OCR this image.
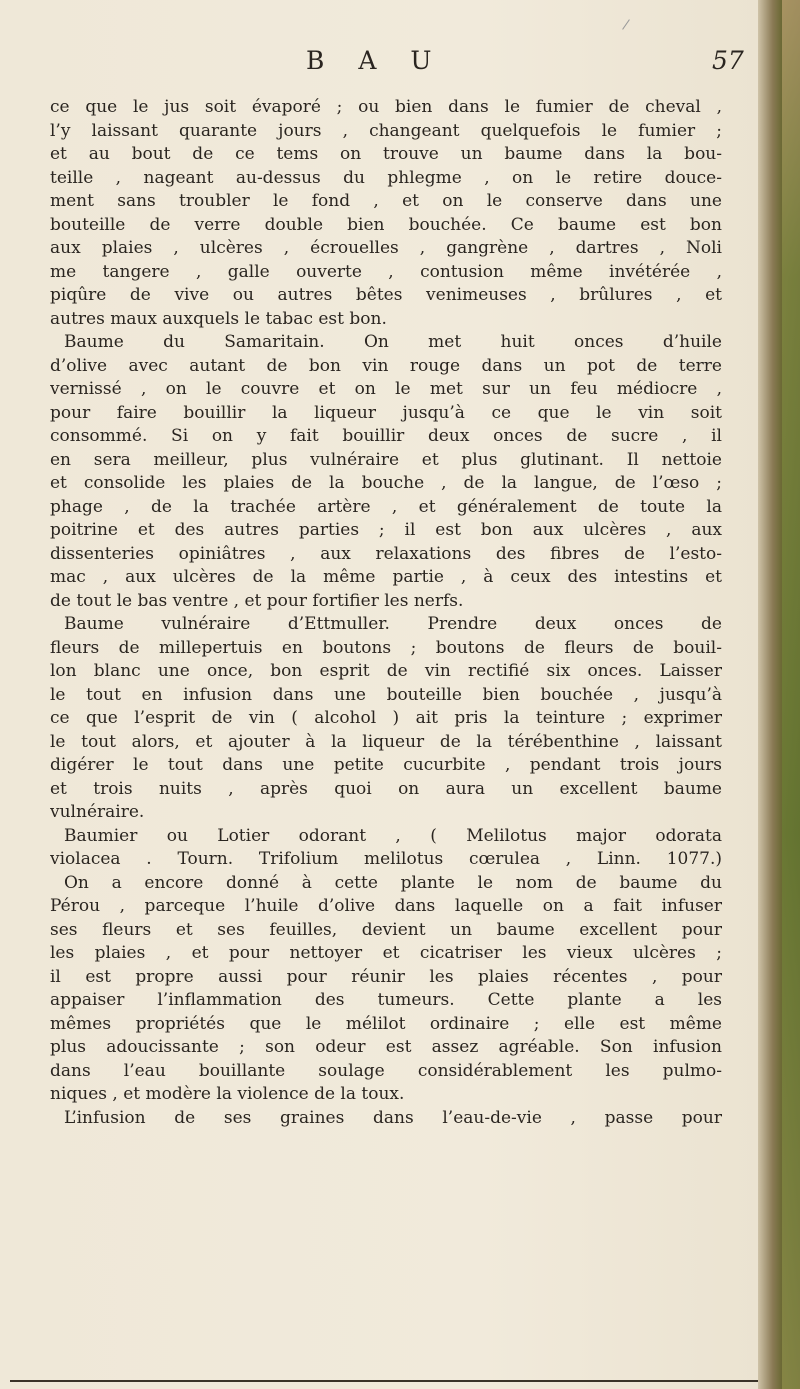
B A U	57
ce que le jus soit évaporé ; ou bien dans le fumier de cheval ,
l’y laissant quarante jours , changeant quelquefois le fumier ;
et au bout de ce tems on trouve un baume dans la bou-
teille , nageant au-dessus du phlegme , on le retire douce-
ment sans troubler le fond , et on le conserve dans une
bouteille de verre double bien bouchée. Ce baume est bon
aux plaies , ulcères , écrouelles , gangrène , dartres , Noli
me tangere , galle ouverte , contusion même invétérée ,
piqûre de vive ou autres bêtes venimeuses , brûlures , et
autres maux auxquels le tabac est bon.
Baume du Samaritain. On met huit onces d’huile
d’olive avec autant de bon vin rouge dans un pot de terre
vernissé , on le couvre et on le met sur un feu médiocre ,
pour faire bouillir la liqueur jusqu’à ce que le vin soit
consommé. Si on y fait bouillir deux onces de sucre , il
en sera meilleur, plus vulnéraire et plus glutinant. Il nettoie
et consolide les plaies de la bouche , de la langue, de l’œso ;
phage , de la trachée artère , et généralement de toute la
poitrine et des autres parties ; il est bon aux ulcères , aux
dissenteries opiniâtres , aux relaxations des fibres de l’esto-
mac , aux ulcères de la même partie , à ceux des intestins et
de tout le bas ventre , et pour fortifier les nerfs.
Baume vulnéraire d’Ettmuller. Prendre deux onces de
fleurs de millepertuis en boutons ; boutons de fleurs de bouil-
lon blanc une once, bon esprit de vin rectifié six onces. Laisser
le tout en infusion dans une bouteille bien bouchée , jusqu’à
ce que l’esprit de vin ( alcohol ) ait pris la teinture ; exprimer
le tout alors, et ajouter à la liqueur de la térébenthine , laissant
digérer le tout dans une petite cucurbite , pendant trois jours
et trois nuits , après quoi on aura un excellent baume
vulnéraire.
Baumier ou Lotier odorant , ( Melilotus major odorata
violacea . Tourn. Trifolium melilotus cœrulea , Linn. 1077.)
On a encore donné à cette plante le nom de baume du
Pérou , parceque l’huile d’olive dans laquelle on a fait infuser
ses fleurs et ses feuilles, devient un baume excellent pour
les plaies , et pour nettoyer et cicatriser les vieux ulcères ;
il est propre aussi pour réunir les plaies récentes , pour
appaiser l’inflammation des tumeurs. Cette plante a les
mêmes propriétés que le mélilot ordinaire ; elle est même
plus adoucissante ; son odeur est assez agréable. Son infusion
dans l’eau bouillante soulage considérablement les pulmo-
niques , et modère la violence de la toux.
L’infusion de ses graines dans l’eau-de-vie , passe pour
